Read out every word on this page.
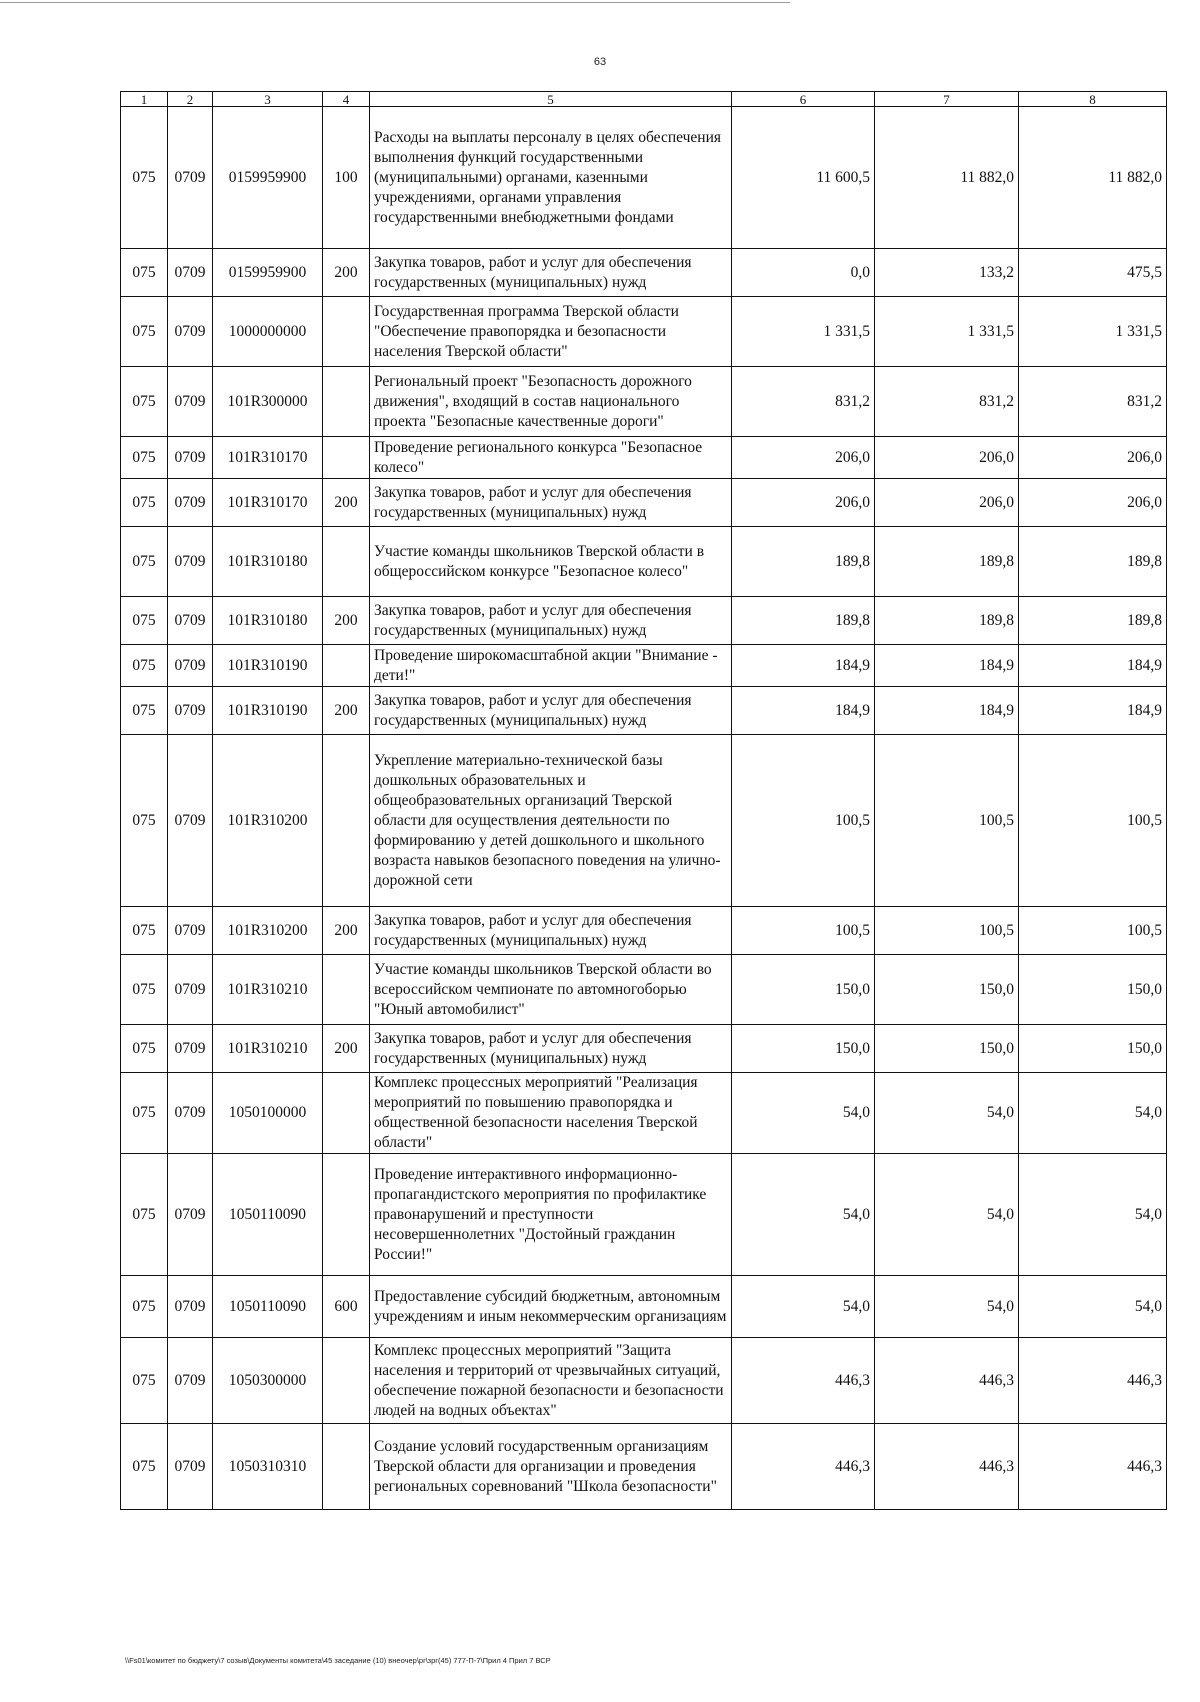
63
1	2	3	4	5	6	7	8
075	0709	0159959900	100	Расходы на выплаты персоналу в целях обеспечения выполнения функций государственными (муниципальными) органами, казенными учреждениями, органами управления государственными внебюджетными фондами	11 600,5	11 882,0	11 882,0
075	0709	0159959900	200	Закупка товаров, работ и услуг для обеспечения государственных (муниципальных) нужд	0,0	133,2	475,5
075	0709	1000000000		Государственная программа Тверской области "Обеспечение правопорядка и безопасности населения Тверской области"	1 331,5	1 331,5	1 331,5
075	0709	101R300000		Региональный проект "Безопасность дорожного движения", входящий в состав национального проекта "Безопасные качественные дороги"	831,2	831,2	831,2
075	0709	101R310170		Проведение регионального конкурса "Безопасное колесо"	206,0	206,0	206,0
075	0709	101R310170	200	Закупка товаров, работ и услуг для обеспечения государственных (муниципальных) нужд	206,0	206,0	206,0
075	0709	101R310180		Участие команды школьников Тверской области в общероссийском конкурсе "Безопасное колесо"	189,8	189,8	189,8
075	0709	101R310180	200	Закупка товаров, работ и услуг для обеспечения государственных (муниципальных) нужд	189,8	189,8	189,8
075	0709	101R310190		Проведение широкомасштабной акции "Внимание - дети!"	184,9	184,9	184,9
075	0709	101R310190	200	Закупка товаров, работ и услуг для обеспечения государственных (муниципальных) нужд	184,9	184,9	184,9
075	0709	101R310200		Укрепление материально-технической базы дошкольных образовательных и общеобразовательных организаций Тверской области для осуществления деятельности по формированию у детей дошкольного и школьного возраста навыков безопасного поведения на улично-дорожной сети	100,5	100,5	100,5
075	0709	101R310200	200	Закупка товаров, работ и услуг для обеспечения государственных (муниципальных) нужд	100,5	100,5	100,5
075	0709	101R310210		Участие команды школьников Тверской области во всероссийском чемпионате по автомногоборью "Юный автомобилист"	150,0	150,0	150,0
075	0709	101R310210	200	Закупка товаров, работ и услуг для обеспечения государственных (муниципальных) нужд	150,0	150,0	150,0
075	0709	1050100000		Комплекс процессных мероприятий "Реализация мероприятий по повышению правопорядка и общественной безопасности населения Тверской области"	54,0	54,0	54,0
075	0709	1050110090		Проведение интерактивного информационно-пропагандистского мероприятия по профилактике правонарушений и преступности несовершеннолетних "Достойный гражданин России!"	54,0	54,0	54,0
075	0709	1050110090	600	Предоставление субсидий бюджетным, автономным учреждениям и иным некоммерческим организациям	54,0	54,0	54,0
075	0709	1050300000		Комплекс процессных мероприятий "Защита населения и территорий от чрезвычайных ситуаций, обеспечение пожарной безопасности и безопасности людей на водных объектах"	446,3	446,3	446,3
075	0709	1050310310		Создание условий государственным организациям Тверской области для организации и проведения региональных соревнований "Школа безопасности"	446,3	446,3	446,3
\\Fs01\комитет по бюджету\7 созыв\Документы комитета\45 заседание (10) внеочер\pr\зрг(45) 777-П-7\Прил 4 Прил 7 ВСР
